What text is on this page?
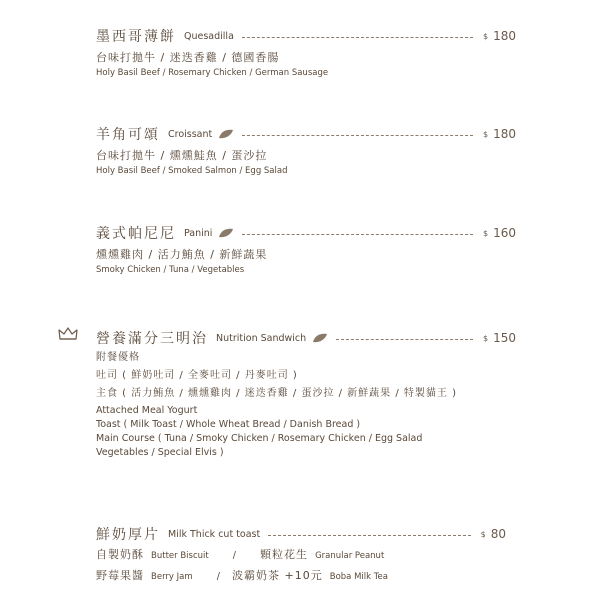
墨西哥薄餅 Quesadilla	$ 180
台味打拋牛 / 迷迭香雞 / 德國香腸
Holy Basil Beef / Rosemary Chicken / German Sausage
羊角可頌 Croissant	$ 180
台味打拋牛 / 燻燻鮭魚 / 蛋沙拉
Holy Basil Beef / Smoked Salmon / Egg Salad
義式帕尼尼 Panini	$ 160
燻燻雞肉 / 活力鮪魚 / 新鮮蔬果
Smoky Chicken / Tuna / Vegetables
營養滿分三明治 Nutrition Sandwich	$ 150
附餐優格
吐司 ( 鮮奶吐司 / 全麥吐司 / 丹麥吐司 )
主食 ( 活力鮪魚 / 燻燻雞肉 / 迷迭香雞 / 蛋沙拉 / 新鮮蔬果 / 特製貓王 )
Attached Meal Yogurt
Toast ( Milk Toast / Whole Wheat Bread / Danish Bread )
Main Course ( Tuna / Smoky Chicken / Rosemary Chicken / Egg Salad
Vegetables / Special Elvis )
鮮奶厚片 Milk Thick cut toast	$ 80
自製奶酥 Butter Biscuit	/ 顆粒花生 Granular Peanut
野莓果醬 Berry Jam	/ 波霸奶茶 +10元 Boba Milk Tea
